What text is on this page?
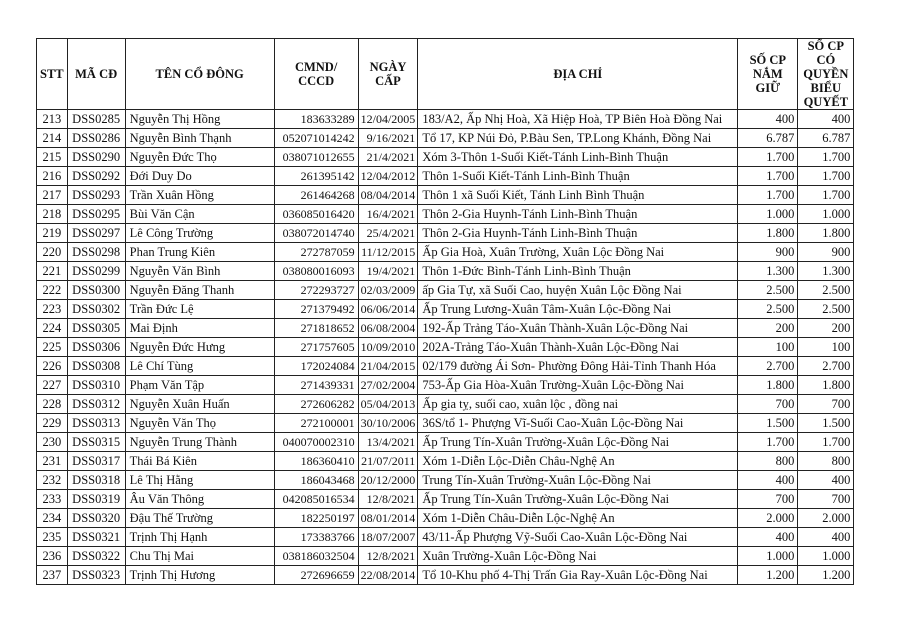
STT	MÃ CĐ	TÊN CỔ ĐÔNG	CMND/ CCCD	NGÀY CẤP	ĐỊA CHỈ	SỐ CP NẮM GIỮ	SỐ CP CÓ QUYỀN BIỂU QUYẾT
213	DSS0285	Nguyễn Thị Hồng	183633289	12/04/2005	183/A2, Ấp Nhị Hoà, Xã Hiệp Hoà, TP Biên Hoà Đồng Nai	400	400
214	DSS0286	Nguyễn Bình Thạnh	052071014242	9/16/2021	Tổ 17, KP Núi Đỏ, P.Bàu Sen, TP.Long Khánh, Đồng Nai	6.787	6.787
215	DSS0290	Nguyễn Đức Thọ	038071012655	21/4/2021	Xóm 3-Thôn 1-Suối Kiết-Tánh Linh-Bình Thuận	1.700	1.700
216	DSS0292	Đới Duy Do	261395142	12/04/2012	Thôn 1-Suối Kiết-Tánh Linh-Bình Thuận	1.700	1.700
217	DSS0293	Trần Xuân Hồng	261464268	08/04/2014	Thôn 1 xã Suối Kiết, Tánh Linh Bình Thuận	1.700	1.700
218	DSS0295	Bùi Văn Cận	036085016420	16/4/2021	Thôn 2-Gia Huynh-Tánh Linh-Bình Thuận	1.000	1.000
219	DSS0297	Lê Công Trường	038072014740	25/4/2021	Thôn 2-Gia Huynh-Tánh Linh-Bình Thuận	1.800	1.800
220	DSS0298	Phan Trung Kiên	272787059	11/12/2015	Ấp Gia Hoà, Xuân Trường, Xuân Lộc Đồng Nai	900	900
221	DSS0299	Nguyễn Văn Bình	038080016093	19/4/2021	Thôn 1-Đức Bình-Tánh Linh-Bình Thuận	1.300	1.300
222	DSS0300	Nguyễn Đăng Thanh	272293727	02/03/2009	ấp Gia Tự, xã Suối Cao, huyện Xuân Lộc Đồng Nai	2.500	2.500
223	DSS0302	Trần Đức Lệ	271379492	06/06/2014	Ấp Trung Lương-Xuân Tâm-Xuân Lộc-Đồng Nai	2.500	2.500
224	DSS0305	Mai Định	271818652	06/08/2004	192-Ấp Trảng Táo-Xuân Thành-Xuân Lộc-Đồng Nai	200	200
225	DSS0306	Nguyễn Đức Hưng	271757605	10/09/2010	202A-Trảng Táo-Xuân Thành-Xuân Lộc-Đồng Nai	100	100
226	DSS0308	Lê Chí Tùng	172024084	21/04/2015	02/179 đường Ái Sơn- Phường Đông Hải-Tỉnh Thanh Hóa	2.700	2.700
227	DSS0310	Phạm Văn Tập	271439331	27/02/2004	753-Ấp Gia Hòa-Xuân Trường-Xuân Lộc-Đồng Nai	1.800	1.800
228	DSS0312	Nguyễn Xuân Huấn	272606282	05/04/2013	Ấp gia tỵ, suối cao, xuân lộc , đồng nai	700	700
229	DSS0313	Nguyễn Văn Thọ	272100001	30/10/2006	36S/tổ 1- Phượng Vĩ-Suối Cao-Xuân Lộc-Đồng Nai	1.500	1.500
230	DSS0315	Nguyễn Trung Thành	040070002310	13/4/2021	Ấp Trung Tín-Xuân Trường-Xuân Lộc-Đồng Nai	1.700	1.700
231	DSS0317	Thái Bá Kiên	186360410	21/07/2011	Xóm 1-Diễn Lộc-Diễn Châu-Nghệ An	800	800
232	DSS0318	Lê Thị Hằng	186043468	20/12/2000	Trung Tín-Xuân Trường-Xuân Lộc-Đồng Nai	400	400
233	DSS0319	Âu Văn Thông	042085016534	12/8/2021	Ấp Trung Tín-Xuân Trường-Xuân Lộc-Đồng Nai	700	700
234	DSS0320	Đậu Thế Trường	182250197	08/01/2014	Xóm 1-Diễn Châu-Diễn Lộc-Nghệ An	2.000	2.000
235	DSS0321	Trịnh Thị Hạnh	173383766	18/07/2007	43/11-Ấp Phượng Vỹ-Suối Cao-Xuân Lộc-Đồng Nai	400	400
236	DSS0322	Chu Thị Mai	038186032504	12/8/2021	Xuân Trường-Xuân Lộc-Đồng Nai	1.000	1.000
237	DSS0323	Trịnh Thị Hương	272696659	22/08/2014	Tổ 10-Khu phố 4-Thị Trấn Gia Ray-Xuân Lộc-Đồng Nai	1.200	1.200
